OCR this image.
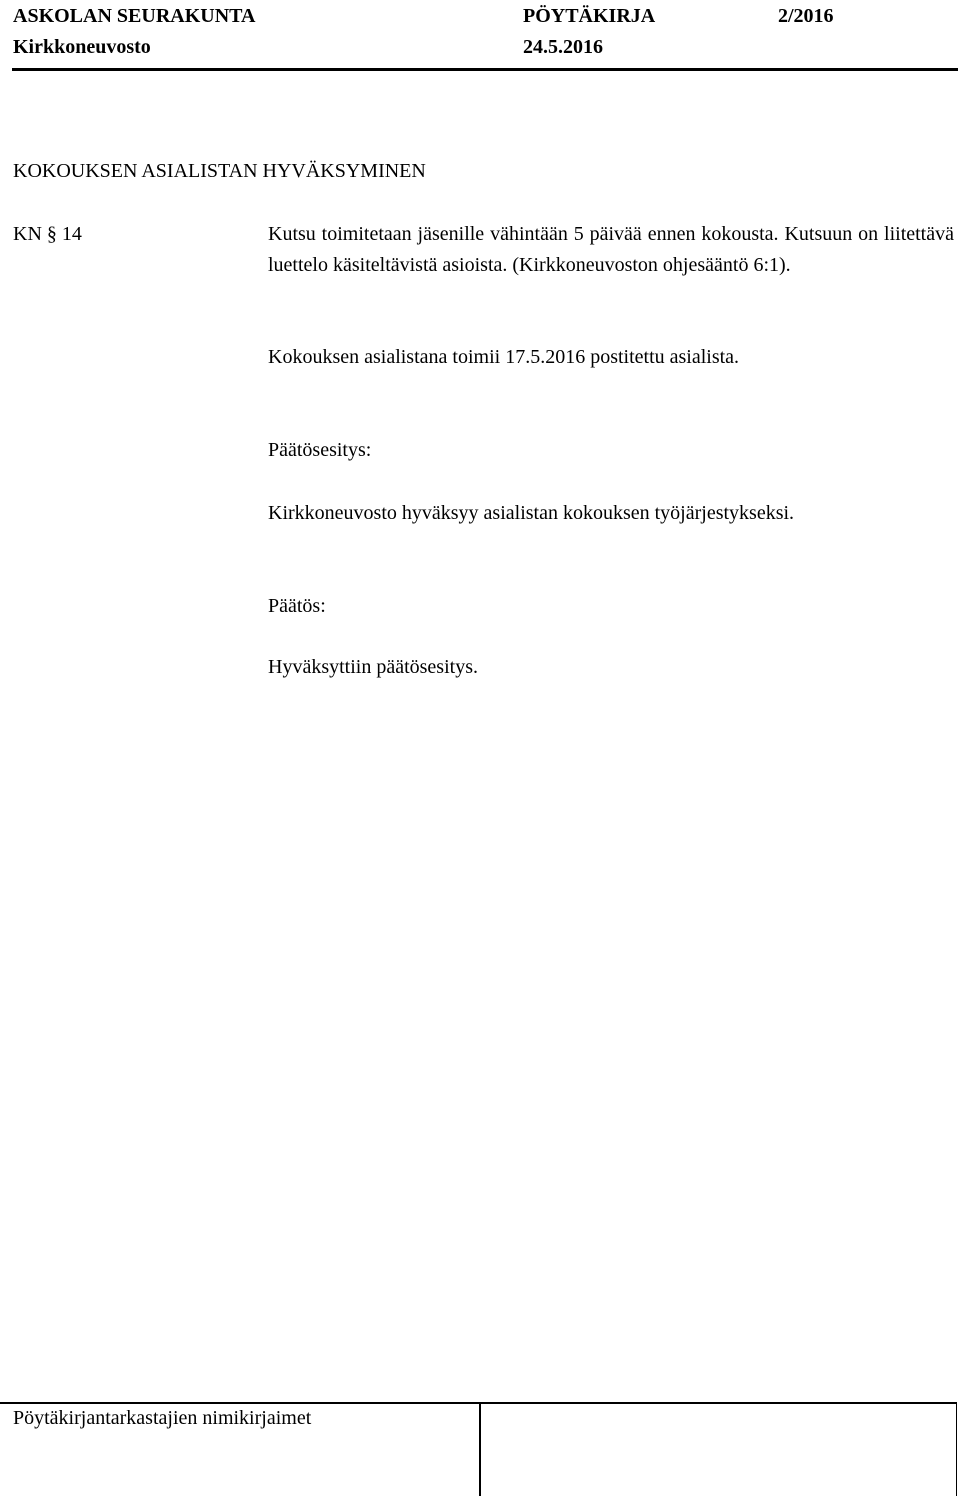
ASKOLAN SEURAKUNTA	PÖYTÄKIRJA	2/2016
Kirkkoneuvosto	24.5.2016
KOKOUKSEN ASIALISTAN HYVÄKSYMINEN
KN § 14	Kutsu toimitetaan jäsenille vähintään 5 päivää ennen kokousta. Kutsuun on liitettävä luettelo käsiteltävistä asioista. (Kirkkoneuvoston ohjesääntö 6:1).
Kokouksen asialistana toimii 17.5.2016 postitettu asialista.
Päätösesitys:
Kirkkoneuvosto hyväksyy asialistan kokouksen työjärjestykseksi.
Päätös:
Hyväksyttiin päätösesitys.
Pöytäkirjantarkastajien nimikirjaimet
